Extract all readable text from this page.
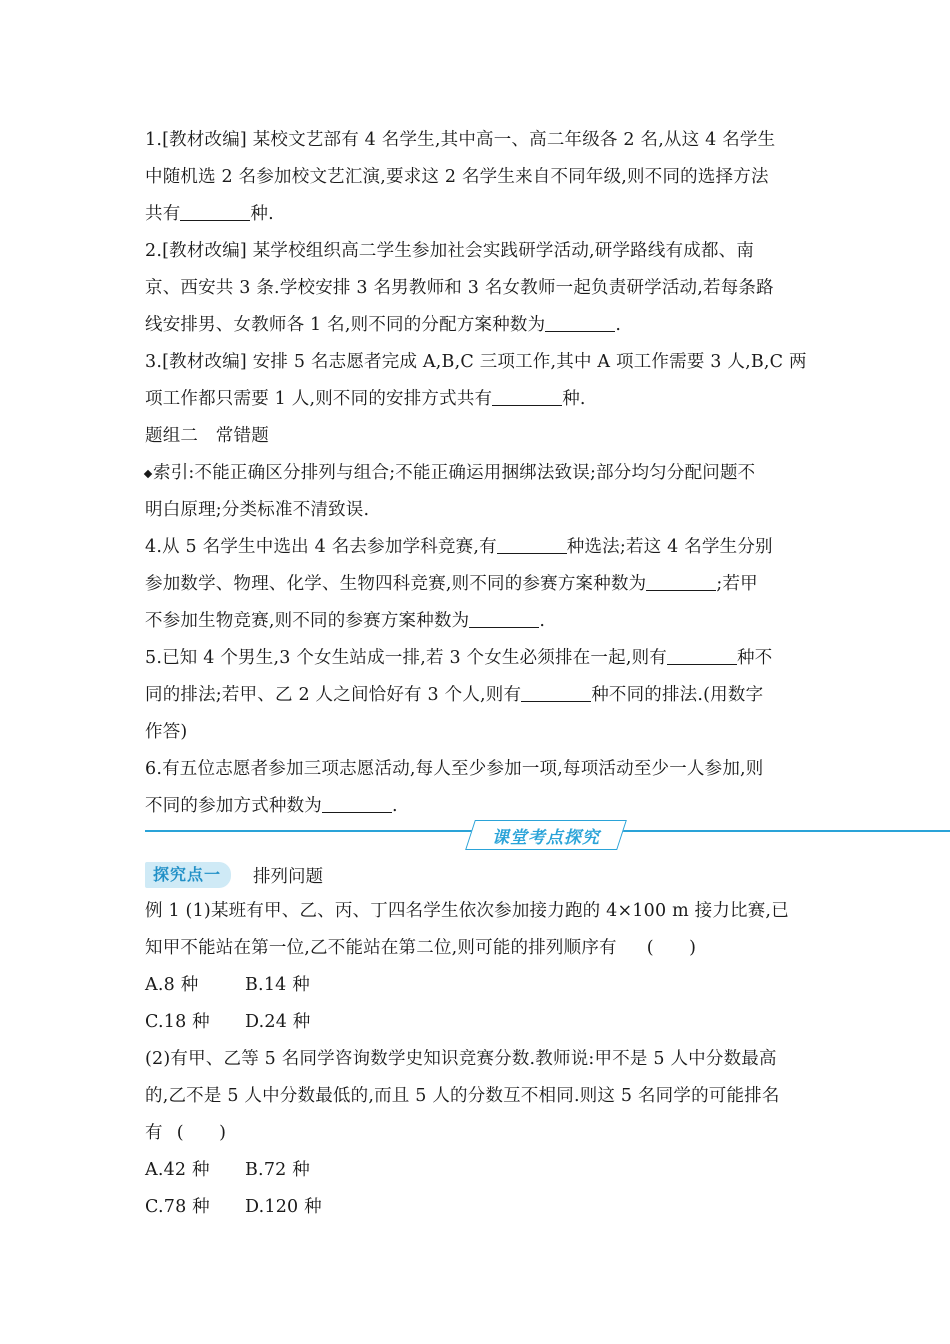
1.[教材改编] 某校文艺部有 4 名学生,其中高一、高二年级各 2 名,从这 4 名学生
中随机选 2 名参加校文艺汇演,要求这 2 名学生来自不同年级,则不同的选择方法
共有	种.
2.[教材改编] 某学校组织高二学生参加社会实践研学活动,研学路线有成都、南
京、西安共 3 条.学校安排 3 名男教师和 3 名女教师一起负责研学活动,若每条路
线安排男、女教师各 1 名,则不同的分配方案种数为	.
3.[教材改编] 安排 5 名志愿者完成 A,B,C 三项工作,其中 A 项工作需要 3 人,B,C 两
项工作都只需要 1 人,则不同的安排方式共有	种.
题组二　常错题
索引:不能正确区分排列与组合;不能正确运用捆绑法致误;部分均匀分配问题不
明白原理;分类标准不清致误.
4.从 5 名学生中选出 4 名去参加学科竞赛,有	种选法;若这 4 名学生分别
参加数学、物理、化学、生物四科竞赛,则不同的参赛方案种数为	;若甲
不参加生物竞赛,则不同的参赛方案种数为	.
5.已知 4 个男生,3 个女生站成一排,若 3 个女生必须排在一起,则有	种不
同的排法;若甲、乙 2 人之间恰好有 3 个人,则有	种不同的排法.(用数字
作答)
6.有五位志愿者参加三项志愿活动,每人至少参加一项,每项活动至少一人参加,则
不同的参加方式种数为	.
课堂考点探究
探究点一	排列问题
例 1 (1)某班有甲、乙、丙、丁四名学生依次参加接力跑的 4×100 m 接力比赛,已
知甲不能站在第一位,乙不能站在第二位,则可能的排列顺序有 (　　)
A.8 种	B.14 种
C.18 种 D.24 种
(2)有甲、乙等 5 名同学咨询数学史知识竞赛分数.教师说:甲不是 5 人中分数最高
的,乙不是 5 人中分数最低的,而且 5 人的分数互不相同.则这 5 名同学的可能排名
有 (　　)
A.42 种 B.72 种
C.78 种 D.120 种
